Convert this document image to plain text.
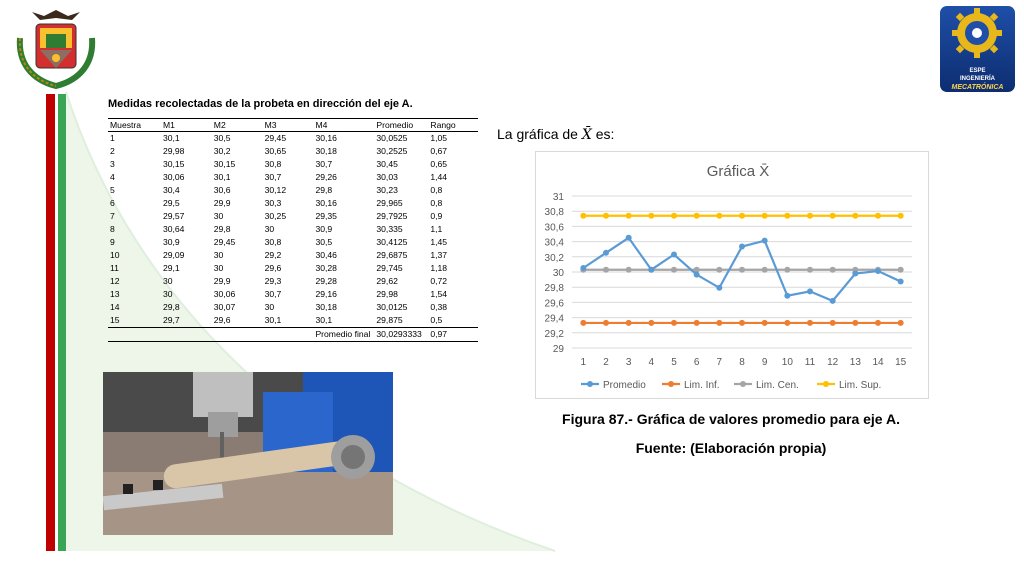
ESPE
INGENIERÍA
MECATRÓNICA
Medidas recolectadas de la probeta en dirección del eje A.
Muestra	M1	M2	M3	M4	Promedio	Rango
1	30,1	30,5	29,45	30,16	30,0525	1,05
2	29,98	30,2	30,65	30,18	30,2525	0,67
3	30,15	30,15	30,8	30,7	30,45	0,65
4	30,06	30,1	30,7	29,26	30,03	1,44
5	30,4	30,6	30,12	29,8	30,23	0,8
6	29,5	29,9	30,3	30,16	29,965	0,8
7	29,57	30	30,25	29,35	29,7925	0,9
8	30,64	29,8	30	30,9	30,335	1,1
9	30,9	29,45	30,8	30,5	30,4125	1,45
10	29,09	30	29,2	30,46	29,6875	1,37
11	29,1	30	29,6	30,28	29,745	1,18
12	30	29,9	29,3	29,28	29,62	0,72
13	30	30,06	30,7	29,16	29,98	1,54
14	29,8	30,07	30	30,18	30,0125	0,38
15	29,7	29,6	30,1	30,1	29,875	0,5
				Promedio final	30,0293333	0,97
La gráfica de X̄ es:
Gráfica X̄
29
29,2
29,4
29,6
29,8
30
30,2
30,4
30,6
30,8
31
1 2 3 4 5 6 7 8 9 10 11 12 13 14 15
Promedio	Lim. Inf.	Lim. Cen.	Lim. Sup.
Figura 87.- Gráfica de valores promedio para eje A.
Fuente: (Elaboración propia)
